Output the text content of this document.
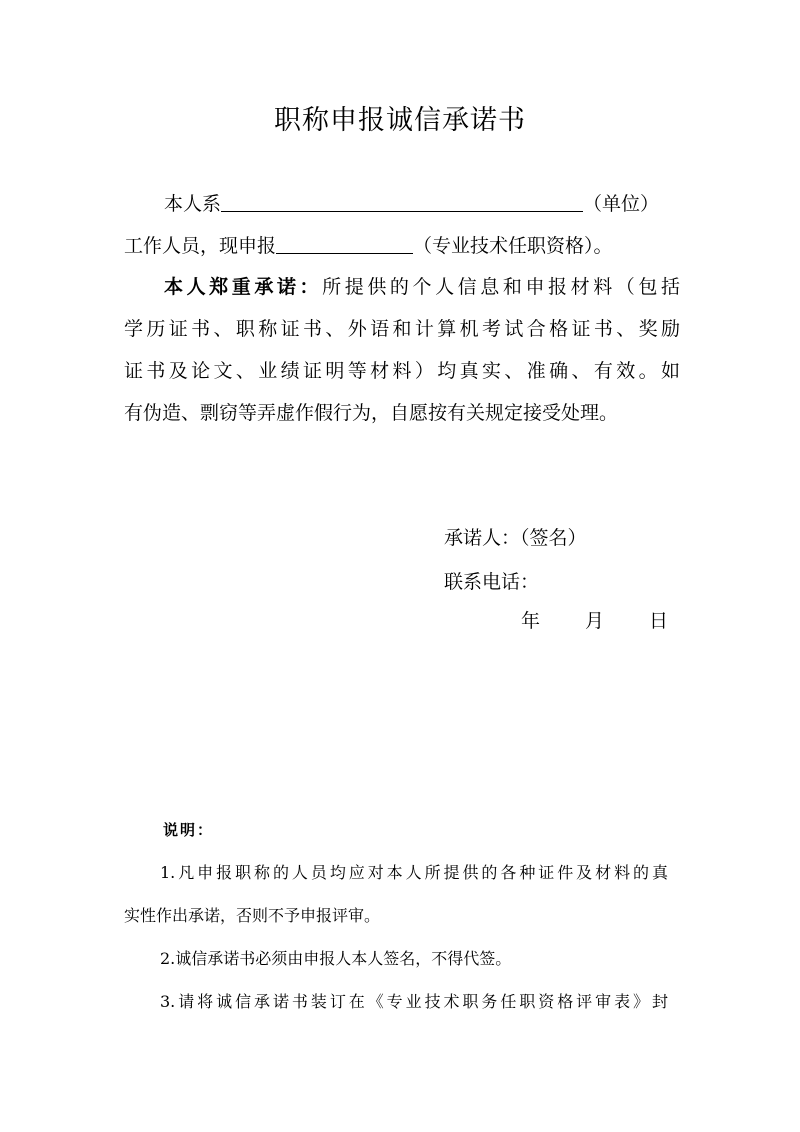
职称申报诚信承诺书
本人系	（单位）
工作人员，现申报	（专业技术任职资格）。
本人郑重承诺：所提供的个人信息和申报材料（包括
学历证书、职称证书、外语和计算机考试合格证书、奖励
证书及论文、业绩证明等材料）均真实、准确、有效。如
有伪造、剽窃等弄虚作假行为，自愿按有关规定接受处理。
承诺人：（签名）
联系电话：
年 月 日
说明：
1.凡申报职称的人员均应对本人所提供的各种证件及材料的真
实性作出承诺，否则不予申报评审。
2.诚信承诺书必须由申报人本人签名，不得代签。
3.请将诚信承诺书装订在《专业技术职务任职资格评审表》封
